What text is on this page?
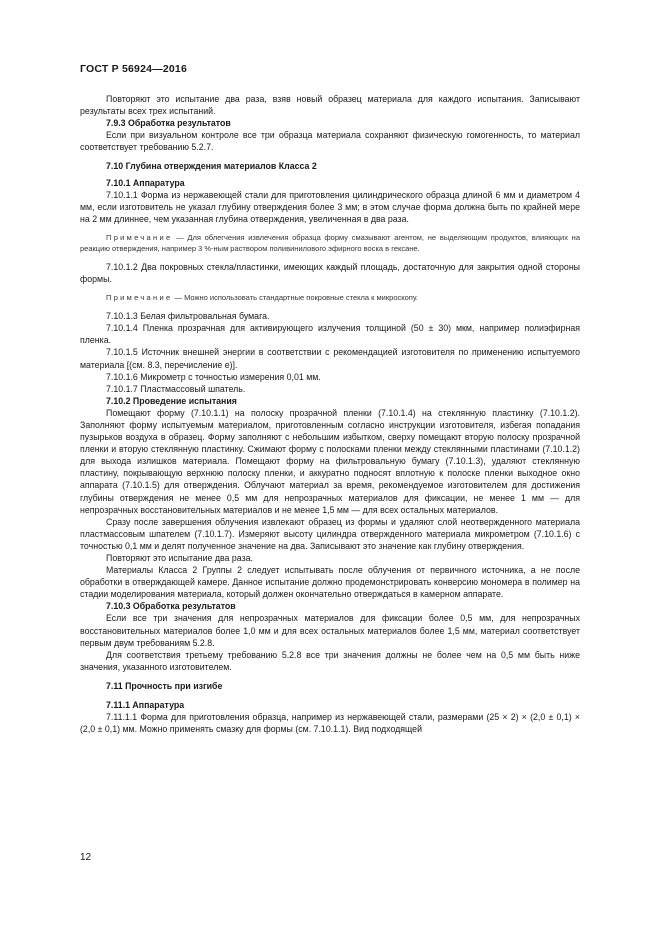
ГОСТ Р 56924—2016

Повторяют это испытание два раза, взяв новый образец материала для каждого испытания. Записывают результаты всех трех испытаний.

7.9.3 Обработка результатов

Если при визуальном контроле все три образца материала сохраняют физическую гомогенность, то материал соответствует требованию 5.2.7.

7.10 Глубина отверждения материалов Класса 2

7.10.1 Аппаратура

7.10.1.1 Форма из нержавеющей стали для приготовления цилиндрического образца длиной 6 мм и диаметром 4 мм, если изготовитель не указал глубину отверждения более 3 мм; в этом случае форма должна быть по крайней мере на 2 мм длиннее, чем указанная глубина отверждения, увеличенная в два раза.

Примечание — Для облегчения извлечения образца форму смазывают агентом, не выделяющим продуктов, влияющих на реакцию отверждения, например 3 %-ным раствором поливинилового эфирного воска в гексане.

7.10.1.2 Два покровных стекла/пластинки, имеющих каждый площадь, достаточную для закрытия одной стороны формы.

Примечание — Можно использовать стандартные покровные стекла к микроскопу.

7.10.1.3 Белая фильтровальная бумага.

7.10.1.4 Пленка прозрачная для активирующего излучения толщиной (50 ± 30) мкм, например полиэфирная пленка.

7.10.1.5 Источник внешней энергии в соответствии с рекомендацией изготовителя по применению испытуемого материала [(см. 8.3, перечисление е)].

7.10.1.6 Микрометр с точностью измерения 0,01 мм.

7.10.1.7 Пластмассовый шпатель.

7.10.2 Проведение испытания

Помещают форму (7.10.1.1) на полоску прозрачной пленки (7.10.1.4) на стеклянную пластинку (7.10.1.2). Заполняют форму испытуемым материалом, приготовленным согласно инструкции изготовителя, избегая попадания пузырьков воздуха в образец. Форму заполняют с небольшим избытком, сверху помещают вторую полоску прозрачной пленки и вторую стеклянную пластинку. Сжимают форму с полосками пленки между стеклянными пластинами (7.10.1.2) для выхода излишков материала. Помещают форму на фильтровальную бумагу (7.10.1.3), удаляют стеклянную пластину, покрывающую верхнюю полоску пленки, и аккуратно подносят вплотную к полоске пленки выходное окно аппарата (7.10.1.5) для отверждения. Облучают материал за время, рекомендуемое изготовителем для достижения глубины отверждения не менее 0,5 мм для непрозрачных материалов для фиксации, не менее 1 мм — для непрозрачных восстановительных материалов и не менее 1,5 мм — для всех остальных материалов.

Сразу после завершения облучения извлекают образец из формы и удаляют слой неотвержденного материала пластмассовым шпателем (7.10.1.7). Измеряют высоту цилиндра отвержденного материала микрометром (7.10.1.6) с точностью 0,1 мм и делят полученное значение на два. Записывают это значение как глубину отверждения.

Повторяют это испытание два раза.

Материалы Класса 2 Группы 2 следует испытывать после облучения от первичного источника, а не после обработки в отверждающей камере. Данное испытание должно продемонстрировать конверсию мономера в полимер на стадии моделирования материала, который должен окончательно отверждаться в камерном аппарате.

7.10.3 Обработка результатов

Если все три значения для непрозрачных материалов для фиксации более 0,5 мм, для непрозрачных восстановительных материалов более 1,0 мм и для всех остальных материалов более 1,5 мм, материал соответствует первым двум требованиям 5.2.8.

Для соответствия третьему требованию 5.2.8 все три значения должны не более чем на 0,5 мм быть ниже значения, указанного изготовителем.

7.11 Прочность при изгибе

7.11.1 Аппаратура

7.11.1.1 Форма для приготовления образца, например из нержавеющей стали, размерами (25 × 2) × (2,0 ± 0,1) × (2,0 ± 0,1) мм. Можно применять смазку для формы (см. 7.10.1.1). Вид подходящей

12
